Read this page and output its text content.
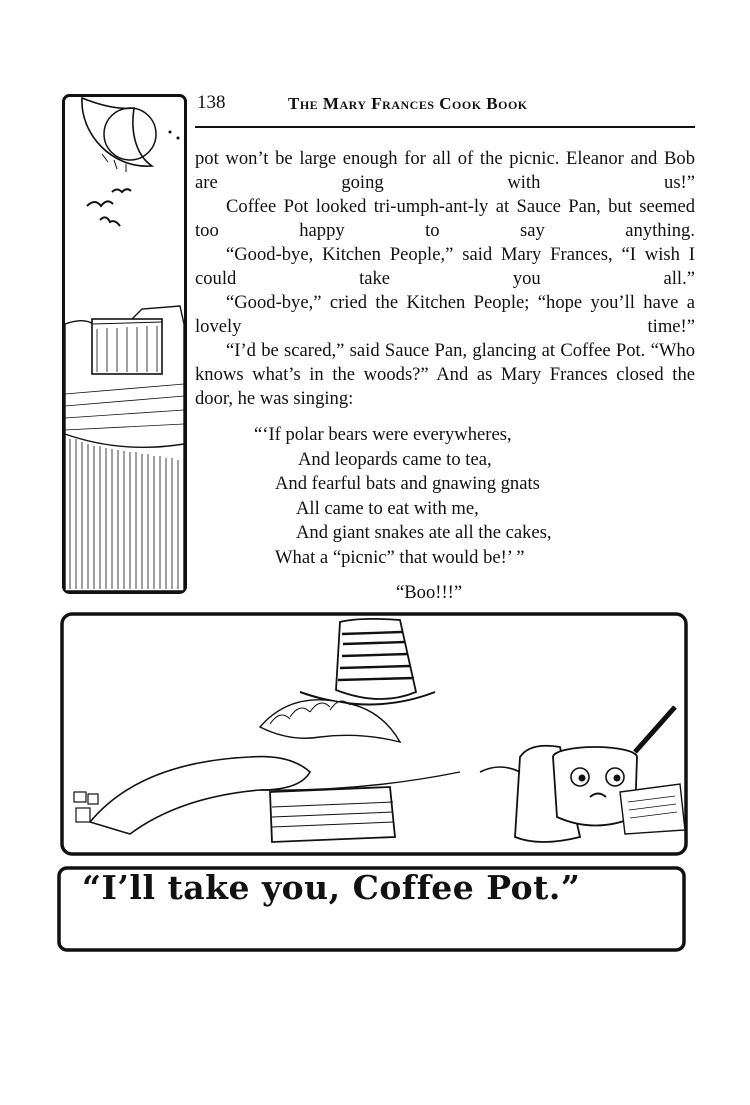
138	The Mary Frances Cook Book

pot won’t be large enough for all of the picnic. Eleanor and Bob are going with us!”

Coffee Pot looked tri-umph-ant-ly at Sauce Pan, but seemed too happy to say anything.

“Good-bye, Kitchen People,” said Mary Frances, “I wish I could take you all.”

“Good-bye,” cried the Kitchen People; “hope you’ll have a lovely time!”

“I’d be scared,” said Sauce Pan, glancing at Coffee Pot. “Who knows what’s in the woods?” And as Mary Frances closed the door, he was singing:

“‘If polar bears were everywheres,
And leopards came to tea,
And fearful bats and gnawing gnats
All came to eat with me,
And giant snakes ate all the cakes,
What a “picnic” that would be!’ ”
“Boo!!!”
“I’ll take you, Coffee Pot.”
